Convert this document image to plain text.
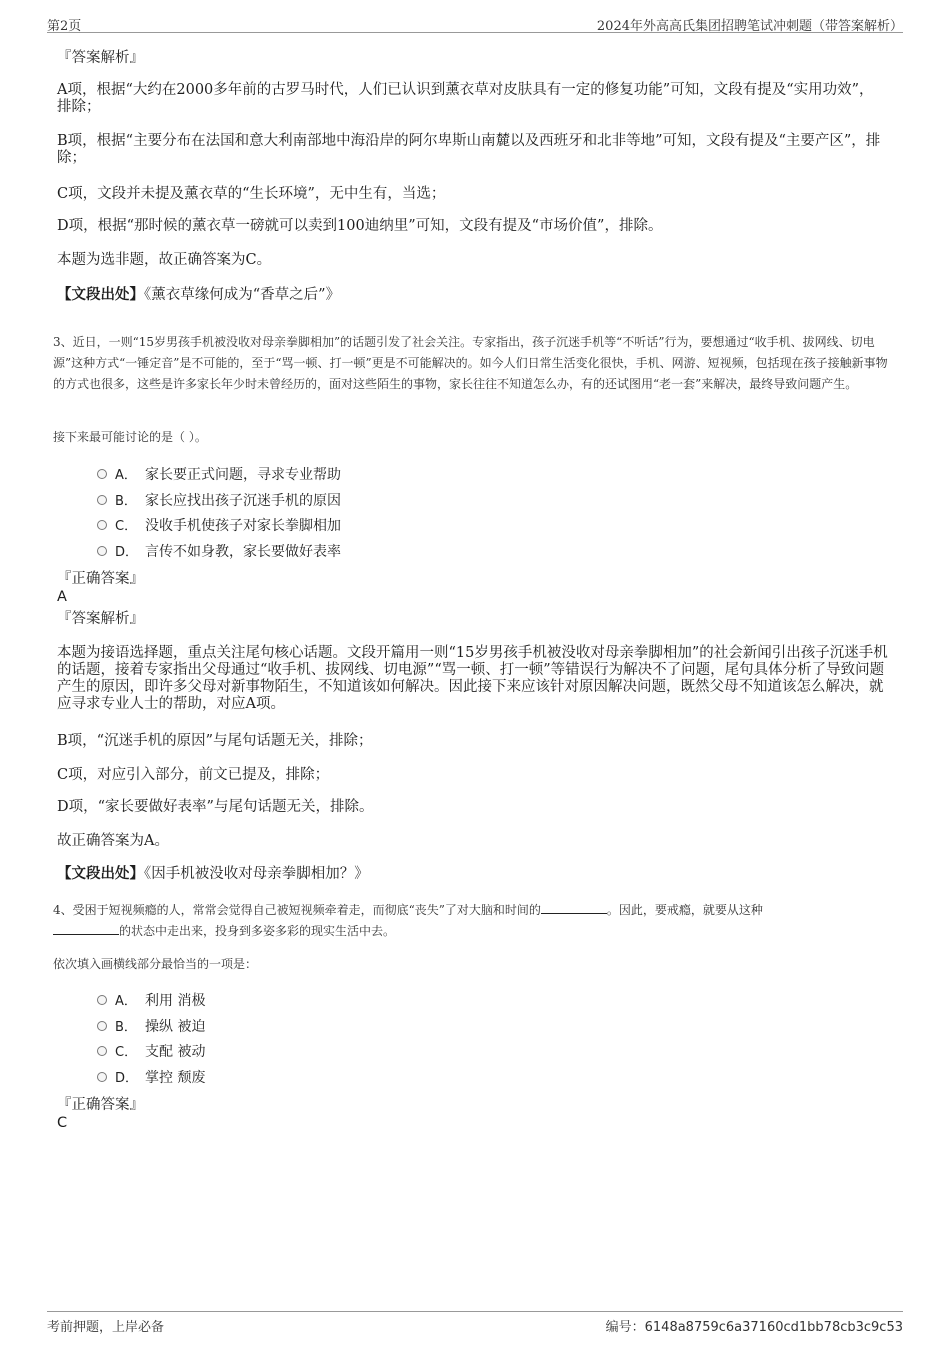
第2页	2024年外高高氏集团招聘笔试冲刺题（带答案解析）
『答案解析』
A项，根据“大约在2000多年前的古罗马时代，人们已认识到薰衣草对皮肤具有一定的修复功能”可知，文段有提及“实用功效”，排除；
B项，根据“主要分布在法国和意大利南部地中海沿岸的阿尔卑斯山南麓以及西班牙和北非等地”可知，文段有提及“主要产区”，排除；
C项，文段并未提及薰衣草的“生长环境”，无中生有，当选；
D项，根据“那时候的薰衣草一磅就可以卖到100迪纳里”可知，文段有提及“市场价值”，排除。
本题为选非题，故正确答案为C。
【文段出处】《薰衣草缘何成为“香草之后”》
3、近日，一则“15岁男孩手机被没收对母亲拳脚相加”的话题引发了社会关注。专家指出，孩子沉迷手机等“不听话”行为，要想通过“收手机、拔网线、切电源”这种方式“一锤定音”是不可能的，至于“骂一顿、打一顿”更是不可能解决的。如今人们日常生活变化很快，手机、网游、短视频，包括现在孩子接触新事物的方式也很多，这些是许多家长年少时未曾经历的，面对这些陌生的事物，家长往往不知道怎么办，有的还试图用“老一套”来解决，最终导致问题产生。
接下来最可能讨论的是（ ）。
A． 家长要正式问题，寻求专业帮助
B． 家长应找出孩子沉迷手机的原因
C． 没收手机使孩子对家长拳脚相加
D． 言传不如身教，家长要做好表率
『正确答案』
A
『答案解析』
本题为接语选择题，重点关注尾句核心话题。文段开篇用一则“15岁男孩手机被没收对母亲拳脚相加”的社会新闻引出孩子沉迷手机的话题，接着专家指出父母通过“收手机、拔网线、切电源”“骂一顿、打一顿”等错误行为解决不了问题，尾句具体分析了导致问题产生的原因，即许多父母对新事物陌生，不知道该如何解决。因此接下来应该针对原因解决问题，既然父母不知道该怎么解决，就应寻求专业人士的帮助，对应A项。
B项，“沉迷手机的原因”与尾句话题无关，排除；
C项，对应引入部分，前文已提及，排除；
D项，“家长要做好表率”与尾句话题无关，排除。
故正确答案为A。
【文段出处】《因手机被没收对母亲拳脚相加？》
4、受困于短视频瘾的人，常常会觉得自己被短视频牵着走，而彻底“丧失”了对大脑和时间的	。因此，要戒瘾，就要从这种
的状态中走出来，投身到多姿多彩的现实生活中去。
依次填入画横线部分最恰当的一项是：
A． 利用 消极
B． 操纵 被迫
C． 支配 被动
D． 掌控 颓废
『正确答案』
C
考前押题，上岸必备	编号：6148a8759c6a37160cd1bb78cb3c9c53
